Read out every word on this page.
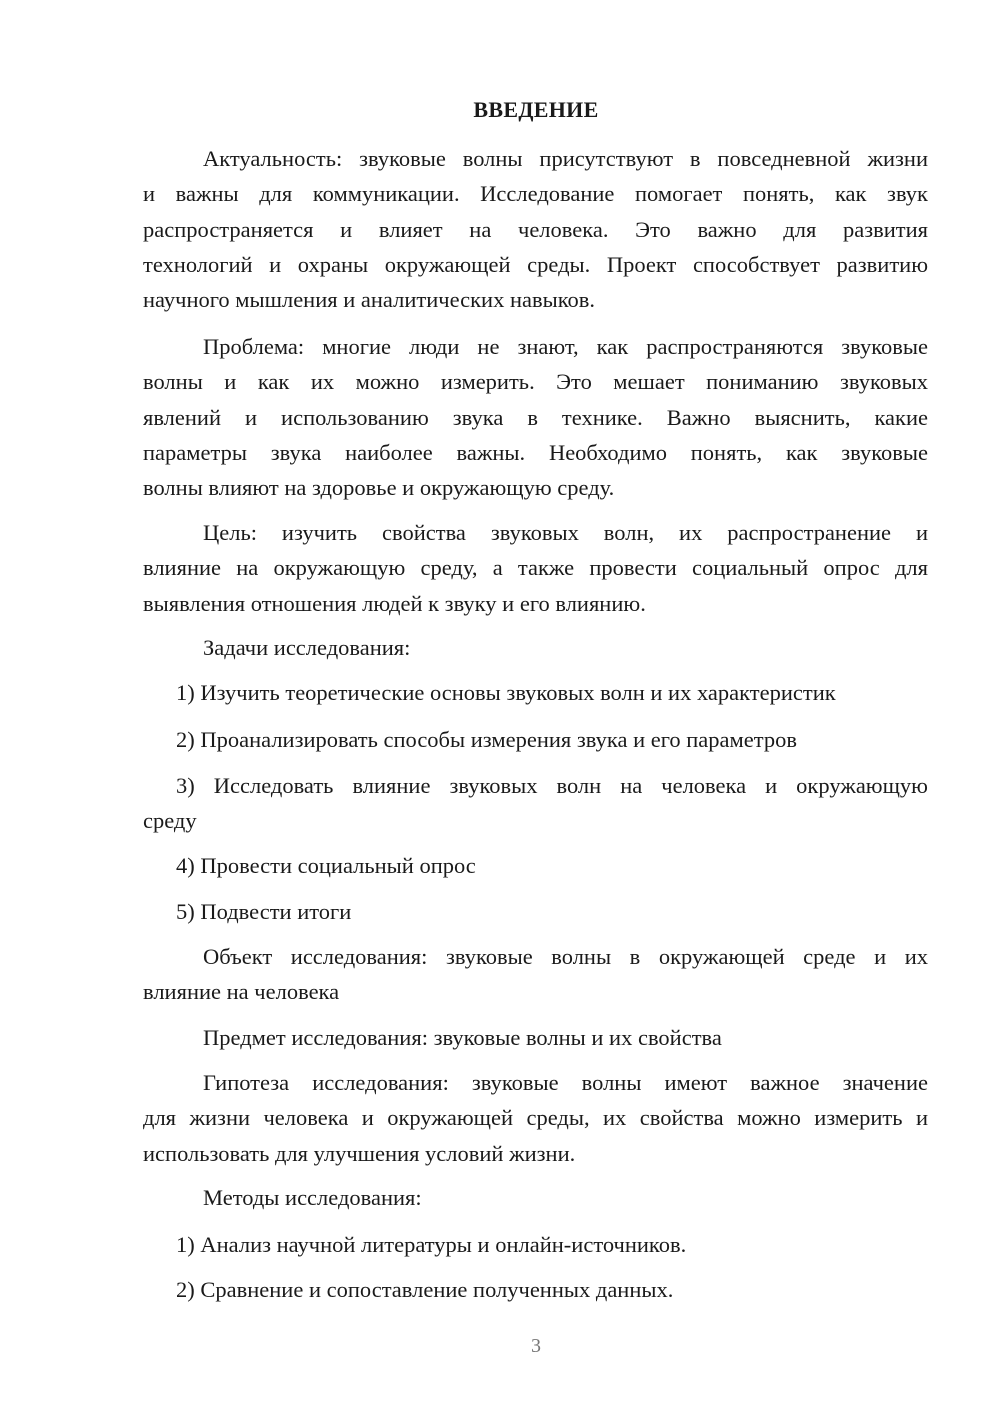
ВВЕДЕНИЕ
Актуальность: звуковые волны присутствуют в повседневной жизни
и важны для коммуникации. Исследование помогает понять, как звук
распространяется и влияет на человека. Это важно для развития
технологий и охраны окружающей среды. Проект способствует развитию
научного мышления и аналитических навыков.
Проблема: многие люди не знают, как распространяются звуковые
волны и как их можно измерить. Это мешает пониманию звуковых
явлений и использованию звука в технике. Важно выяснить, какие
параметры звука наиболее важны. Необходимо понять, как звуковые
волны влияют на здоровье и окружающую среду.
Цель: изучить свойства звуковых волн, их распространение и
влияние на окружающую среду, а также провести социальный опрос для
выявления отношения людей к звуку и его влиянию.
Задачи исследования:
1) Изучить теоретические основы звуковых волн и их характеристик
2) Проанализировать способы измерения звука и его параметров
3) Исследовать влияние звуковых волн на человека и окружающую
среду
4) Провести социальный опрос
5) Подвести итоги
Объект исследования: звуковые волны в окружающей среде и их
влияние на человека
Предмет исследования: звуковые волны и их свойства
Гипотеза исследования: звуковые волны имеют важное значение
для жизни человека и окружающей среды, их свойства можно измерить и
использовать для улучшения условий жизни.
Методы исследования:
1) Анализ научной литературы и онлайн-источников.
2) Сравнение и сопоставление полученных данных.
3
